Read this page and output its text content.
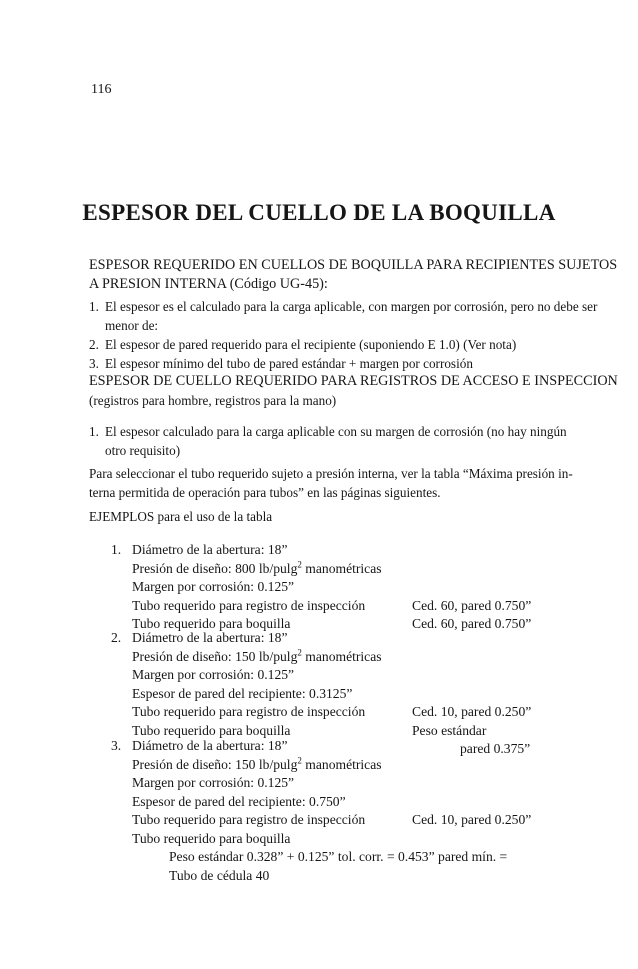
116
ESPESOR DEL CUELLO DE LA BOQUILLA
ESPESOR REQUERIDO EN CUELLOS DE BOQUILLA PARA RECIPIENTES SUJETOS
A PRESION INTERNA (Código UG-45):
1. El espesor es el calculado para la carga aplicable, con margen por corrosión, pero no debe ser
menor de:
2. El espesor de pared requerido para el recipiente (suponiendo E 1.0) (Ver nota)
3. El espesor mínimo del tubo de pared estándar + margen por corrosión
ESPESOR DE CUELLO REQUERIDO PARA REGISTROS DE ACCESO E INSPECCION
(registros para hombre, registros para la mano)
1. El espesor calculado para la carga aplicable con su margen de corrosión (no hay ningún
otro requisito)
Para seleccionar el tubo requerido sujeto a presión interna, ver la tabla “Máxima presión in-
terna permitida de operación para tubos” en las páginas siguientes.
EJEMPLOS para el uso de la tabla
1. Diámetro de la abertura: 18”
Presión de diseño: 800 lb/pulg$^2$ manométricas
Margen por corrosión: 0.125”
Tubo requerido para registro de inspección	Ced. 60, pared 0.750”
Tubo requerido para boquilla	Ced. 60, pared 0.750”
2. Diámetro de la abertura: 18”
Presión de diseño: 150 lb/pulg$^2$ manométricas
Margen por corrosión: 0.125”
Espesor de pared del recipiente: 0.3125”
Tubo requerido para registro de inspección	Ced. 10, pared 0.250”
Tubo requerido para boquilla	Peso estándar
pared 0.375”
3. Diámetro de la abertura: 18”
Presión de diseño: 150 lb/pulg$^2$ manométricas
Margen por corrosión: 0.125”
Espesor de pared del recipiente: 0.750”
Tubo requerido para registro de inspección	Ced. 10, pared 0.250”
Tubo requerido para boquilla
Peso estándar 0.328” + 0.125” tol. corr. = 0.453” pared mín. =
Tubo de cédula 40
